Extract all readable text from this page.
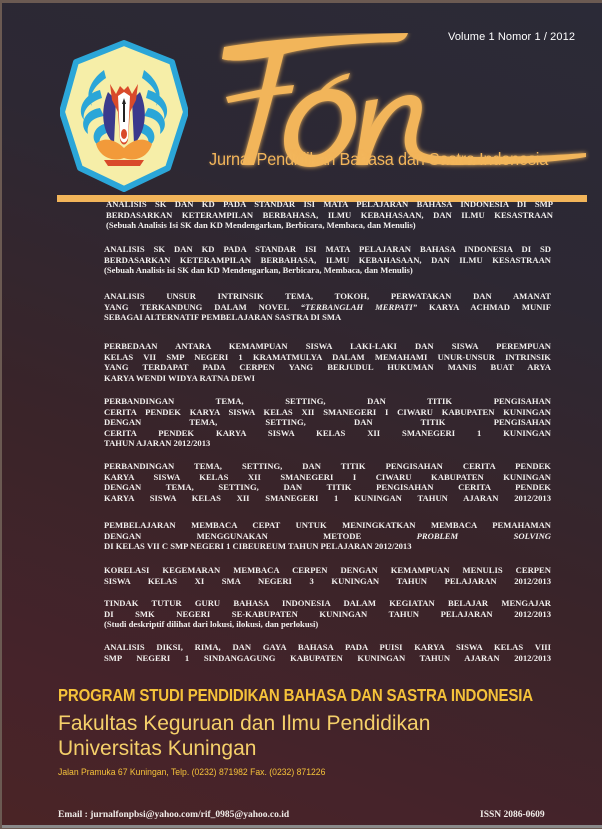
Volume 1 Nomor 1 / 2012
Jurnal Pendidikan Bahasa dan Sastra Indonesia
ANALISIS SK DAN KD PADA STANDAR ISI MATA PELAJARAN BAHASA INDONESIA DI SMP
BERDASARKAN KETERAMPILAN BERBAHASA, ILMU KEBAHASAAN, DAN ILMU KESASTRAAN
(Sebuah Analisis Isi SK dan KD Mendengarkan, Berbicara, Membaca, dan Menulis)
ANALISIS SK DAN KD PADA STANDAR ISI MATA PELAJARAN BAHASA INDONESIA DI SD
BERDASARKAN KETERAMPILAN BERBAHASA, ILMU KEBAHASAAN, DAN ILMU KESASTRAAN
(Sebuah Analisis isi SK dan KD Mendengarkan, Berbicara, Membaca, dan Menulis)
ANALISIS UNSUR INTRINSIK TEMA, TOKOH, PERWATAKAN DAN AMANAT
YANG TERKANDUNG DALAM NOVEL “TERBANGLAH MERPATI” KARYA ACHMAD MUNIF
SEBAGAI ALTERNATIF PEMBELAJARAN SASTRA DI SMA
PERBEDAAN ANTARA KEMAMPUAN SISWA LAKI-LAKI DAN SISWA PEREMPUAN
KELAS VII SMP NEGERI 1 KRAMATMULYA DALAM MEMAHAMI UNUR-UNSUR INTRINSIK
YANG TERDAPAT PADA CERPEN YANG BERJUDUL HUKUMAN MANIS BUAT ARYA
KARYA WENDI WIDYA RATNA DEWI
PERBANDINGAN TEMA, SETTING, DAN TITIK PENGISAHAN
CERITA PENDEK KARYA SISWA KELAS XII SMANEGERI I CIWARU KABUPATEN KUNINGAN
DENGAN TEMA, SETTING, DAN TITIK PENGISAHAN
CERITA PENDEK KARYA SISWA KELAS XII SMANEGERI 1 KUNINGAN
TAHUN AJARAN 2012/2013
PERBANDINGAN TEMA, SETTING, DAN TITIK PENGISAHAN CERITA PENDEK
KARYA SISWA KELAS XII SMANEGERI I CIWARU KABUPATEN KUNINGAN
DENGAN TEMA, SETTING, DAN TITIK PENGISAHAN CERITA PENDEK
KARYA SISWA KELAS XII SMANEGERI 1 KUNINGAN TAHUN AJARAN 2012/2013
PEMBELAJARAN MEMBACA CEPAT UNTUK MENINGKATKAN MEMBACA PEMAHAMAN
DENGAN MENGGUNAKAN METODE	PROBLEM SOLVING
DI KELAS VII C SMP NEGERI 1 CIBEUREUM TAHUN PELAJARAN 2012/2013
KORELASI KEGEMARAN MEMBACA CERPEN DENGAN KEMAMPUAN MENULIS CERPEN
SISWA KELAS XI SMA NEGERI 3 KUNINGAN TAHUN PELAJARAN 2012/2013
TINDAK TUTUR GURU BAHASA INDONESIA DALAM KEGIATAN BELAJAR MENGAJAR
DI SMK NEGERI SE-KABUPATEN KUNINGAN TAHUN PELAJARAN 2012/2013
(Studi deskriptif dilihat dari lokusi, ilokusi, dan perlokusi)
ANALISIS DIKSI, RIMA, DAN GAYA BAHASA PADA PUISI KARYA SISWA KELAS VIII
SMP NEGERI 1 SINDANGAGUNG KABUPATEN KUNINGAN TAHUN AJARAN 2012/2013
PROGRAM STUDI PENDIDIKAN BAHASA DAN SASTRA INDONESIA
Fakultas Keguruan dan Ilmu Pendidikan
Universitas Kuningan
Jalan Pramuka 67 Kuningan, Telp. (0232) 871982 Fax. (0232) 871226
Email : jurnalfonpbsi@yahoo.com/rif_0985@yahoo.co.id	ISSN 2086-0609
